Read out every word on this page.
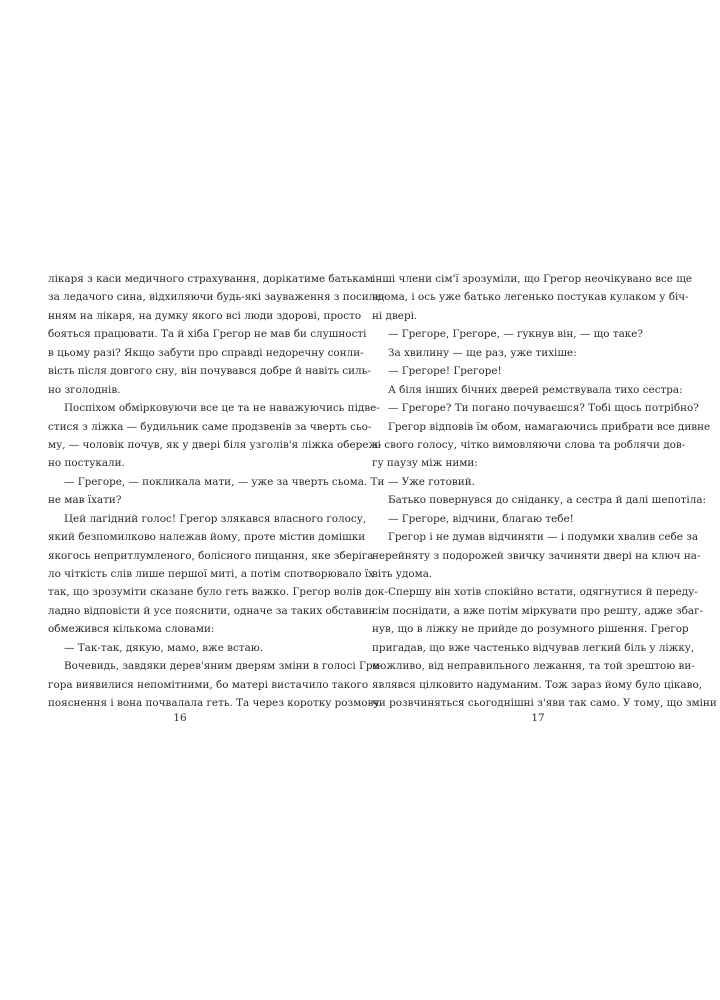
лікаря з каси медичного страхування, дорікатиме батькам
за ледачого сина, відхиляючи будь-які зауваження з посила-
нням на лікаря, на думку якого всі люди здорові, просто
бояться працювати. Та й хіба Грегор не мав би слушності
в цьому разі? Якщо забути про справді недоречну сонли-
вість після довгого сну, він почувався добре й навіть силь-
но зголоднів.
Поспіхом обмірковуючи все це та не наважуючись підве-
стися з ліжка — будильник саме продзвенів за чверть сьо-
му, — чоловік почув, як у двері біля узголів'я ліжка обереж-
но постукали.
— Грегоре, — покликала мати, — уже за чверть сьома. Ти
не мав їхати?
Цей лагідний голос! Грегор злякався власного голосу,
який безпомилково належав йому, проте містив домішки
якогось непритлумленого, болісного пищання, яке зберіга-
ло чіткість слів лише першої миті, а потім спотворювало їх
так, що зрозуміти сказане було геть важко. Грегор волів док-
ладно відповісти й усе пояснити, одначе за таких обставин
обмежився кількома словами:
— Так-так, дякую, мамо, вже встаю.
Вочевидь, завдяки дерев'яним дверям зміни в голосі Гре-
гора виявилися непомітними, бо матері вистачило такого
пояснення і вона почвалала геть. Та через коротку розмову
16
інші члени сім'ї зрозуміли, що Грегор неочікувано все ще
вдома, і ось уже батько легенько постукав кулаком у біч-
ні двері.
— Грегоре, Грегоре, — гукнув він, — що таке?
За хвилину — ще раз, уже тихіше:
— Грегоре! Грегоре!
А біля інших бічних дверей ремствувала тихо сестра:
— Грегоре? Ти погано почуваєшся? Тобі щось потрібно?
Грегор відповів їм обом, намагаючись прибрати все дивне
зі свого голосу, чітко вимовляючи слова та роблячи дов-
гу паузу між ними:
— Уже готовий.
Батько повернувся до сніданку, а сестра й далі шепотіла:
— Грегоре, відчини, благаю тебе!
Грегор і не думав відчиняти — і подумки хвалив себе за
перейняту з подорожей звичку зачиняти двері на ключ на-
віть удома.
Спершу він хотів спокійно встати, одягнутися й переду-
сім поснідати, а вже потім міркувати про решту, адже збаг-
нув, що в ліжку не прийде до розумного рішення. Грегор
пригадав, що вже частенько відчував легкий біль у ліжку,
можливо, від неправильного лежання, та той зрештою ви-
являвся цілковито надуманим. Тож зараз йому було цікаво,
чи розвчиняться сьогоднішні з'яви так само. У тому, що зміни
17
